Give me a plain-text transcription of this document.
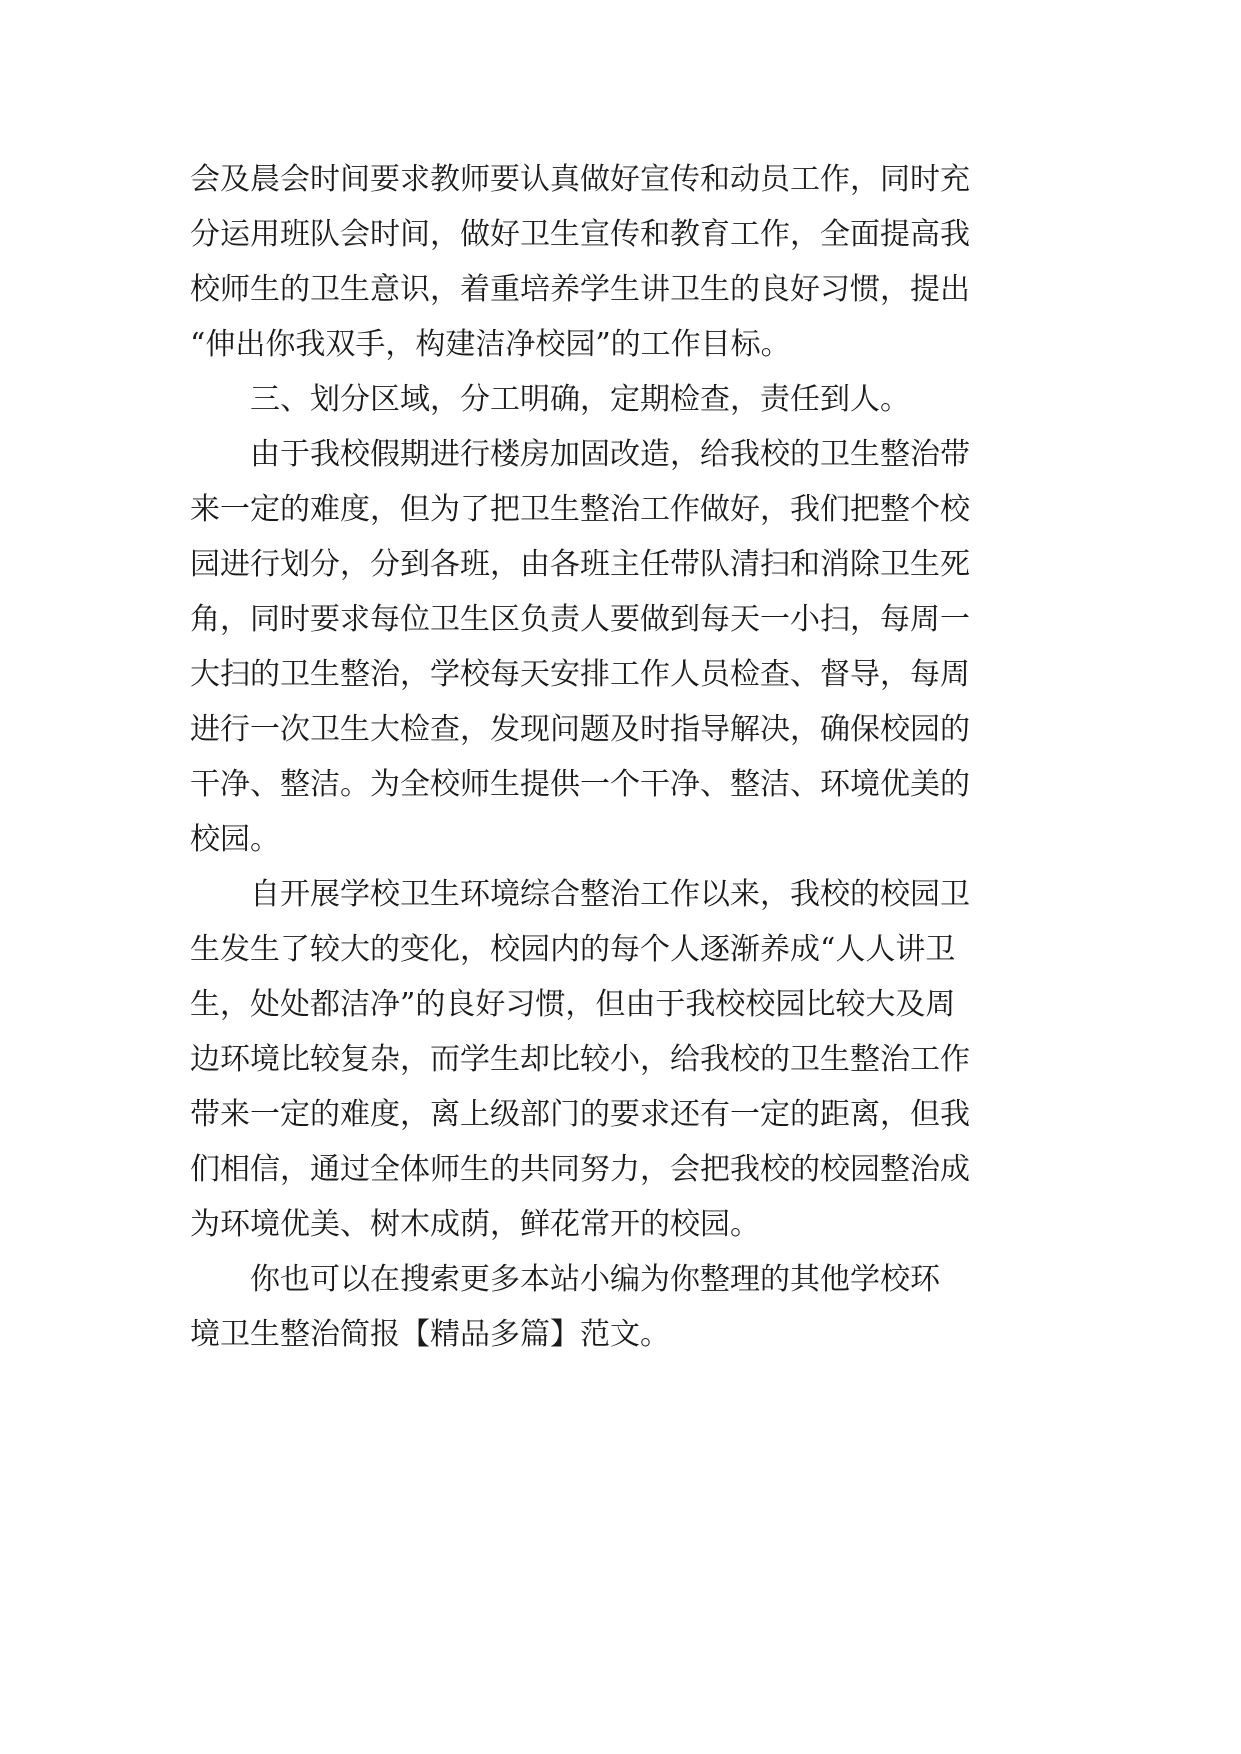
会及晨会时间要求教师要认真做好宣传和动员工作，同时充
分运用班队会时间，做好卫生宣传和教育工作，全面提高我
校师生的卫生意识，着重培养学生讲卫生的良好习惯，提出
“伸出你我双手，构建洁净校园”的工作目标。
三、划分区域，分工明确，定期检查，责任到人。
由于我校假期进行楼房加固改造，给我校的卫生整治带
来一定的难度，但为了把卫生整治工作做好，我们把整个校
园进行划分，分到各班，由各班主任带队清扫和消除卫生死
角，同时要求每位卫生区负责人要做到每天一小扫，每周一
大扫的卫生整治，学校每天安排工作人员检查、督导，每周
进行一次卫生大检查，发现问题及时指导解决，确保校园的
干净、整洁。为全校师生提供一个干净、整洁、环境优美的
校园。
自开展学校卫生环境综合整治工作以来，我校的校园卫
生发生了较大的变化，校园内的每个人逐渐养成“人人讲卫
生，处处都洁净”的良好习惯，但由于我校校园比较大及周
边环境比较复杂，而学生却比较小，给我校的卫生整治工作
带来一定的难度，离上级部门的要求还有一定的距离，但我
们相信，通过全体师生的共同努力，会把我校的校园整治成
为环境优美、树木成荫，鲜花常开的校园。
你也可以在搜索更多本站小编为你整理的其他学校环
境卫生整治简报【精品多篇】范文。
